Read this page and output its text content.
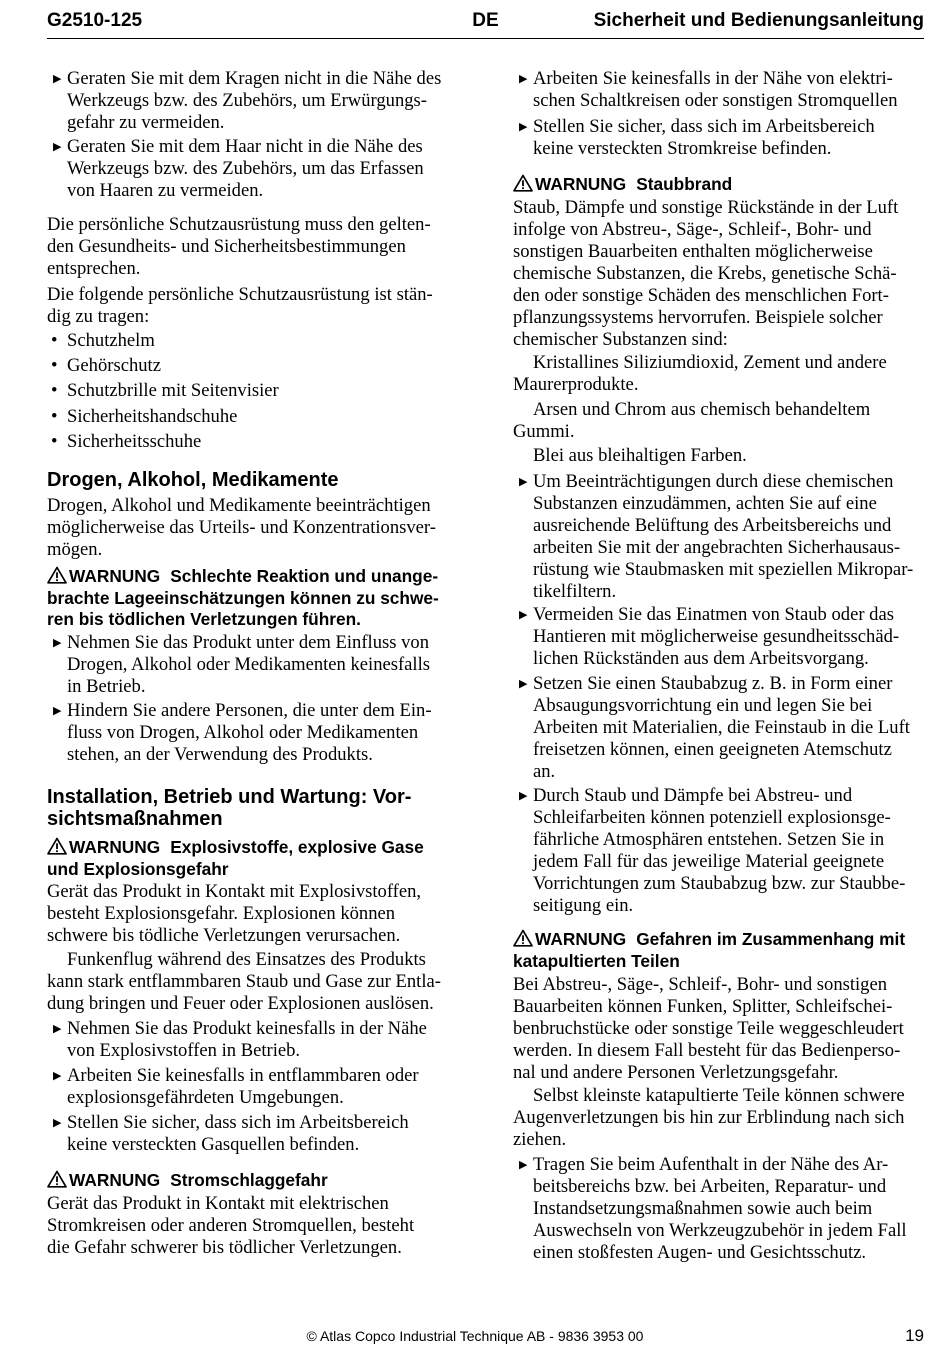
G2510-125	DE	Sicherheit und Bedienungsanleitung
▶ Geraten Sie mit dem Kragen nicht in die Nähe des
Werkzeugs bzw. des Zubehörs, um Erwürgungs-
gefahr zu vermeiden.
▶ Geraten Sie mit dem Haar nicht in die Nähe des
Werkzeugs bzw. des Zubehörs, um das Erfassen
von Haaren zu vermeiden.
Die persönliche Schutzausrüstung muss den gelten-
den Gesundheits- und Sicherheitsbestimmungen
entsprechen.
Die folgende persönliche Schutzausrüstung ist stän-
dig zu tragen:
• Schutzhelm
• Gehörschutz
• Schutzbrille mit Seitenvisier
• Sicherheitshandschuhe
• Sicherheitsschuhe
Drogen, Alkohol, Medikamente
Drogen, Alkohol und Medikamente beeinträchtigen
möglicherweise das Urteils- und Konzentrationsver-
mögen.
WARNUNG Schlechte Reaktion und unange-
brachte Lageeinschätzungen können zu schwe-
ren bis tödlichen Verletzungen führen.
▶ Nehmen Sie das Produkt unter dem Einfluss von
Drogen, Alkohol oder Medikamenten keinesfalls
in Betrieb.
▶ Hindern Sie andere Personen, die unter dem Ein-
fluss von Drogen, Alkohol oder Medikamenten
stehen, an der Verwendung des Produkts.
Installation, Betrieb und Wartung: Vor-
sichtsmaßnahmen
WARNUNG Explosivstoffe, explosive Gase
und Explosionsgefahr
Gerät das Produkt in Kontakt mit Explosivstoffen,
besteht Explosionsgefahr. Explosionen können
schwere bis tödliche Verletzungen verursachen.
Funkenflug während des Einsatzes des Produkts
kann stark entflammbaren Staub und Gase zur Entla-
dung bringen und Feuer oder Explosionen auslösen.
▶ Nehmen Sie das Produkt keinesfalls in der Nähe
von Explosivstoffen in Betrieb.
▶ Arbeiten Sie keinesfalls in entflammbaren oder
explosionsgefährdeten Umgebungen.
▶ Stellen Sie sicher, dass sich im Arbeitsbereich
keine versteckten Gasquellen befinden.
WARNUNG Stromschlaggefahr
Gerät das Produkt in Kontakt mit elektrischen
Stromkreisen oder anderen Stromquellen, besteht
die Gefahr schwerer bis tödlicher Verletzungen.
▶ Arbeiten Sie keinesfalls in der Nähe von elektri-
schen Schaltkreisen oder sonstigen Stromquellen
▶ Stellen Sie sicher, dass sich im Arbeitsbereich
keine versteckten Stromkreise befinden.
WARNUNG Staubbrand
Staub, Dämpfe und sonstige Rückstände in der Luft
infolge von Abstreu-, Säge-, Schleif-, Bohr- und
sonstigen Bauarbeiten enthalten möglicherweise
chemische Substanzen, die Krebs, genetische Schä-
den oder sonstige Schäden des menschlichen Fort-
pflanzungssystems hervorrufen. Beispiele solcher
chemischer Substanzen sind:
Kristallines Siliziumdioxid, Zement und andere
Maurerprodukte.
Arsen und Chrom aus chemisch behandeltem
Gummi.
Blei aus bleihaltigen Farben.
▶ Um Beeinträchtigungen durch diese chemischen
Substanzen einzudämmen, achten Sie auf eine
ausreichende Belüftung des Arbeitsbereichs und
arbeiten Sie mit der angebrachten Sicherhausaus-
rüstung wie Staubmasken mit speziellen Mikropar-
tikelfiltern.
▶ Vermeiden Sie das Einatmen von Staub oder das
Hantieren mit möglicherweise gesundheitsschäd-
lichen Rückständen aus dem Arbeitsvorgang.
▶ Setzen Sie einen Staubabzug z. B. in Form einer
Absaugungsvorrichtung ein und legen Sie bei
Arbeiten mit Materialien, die Feinstaub in die Luft
freisetzen können, einen geeigneten Atemschutz
an.
▶ Durch Staub und Dämpfe bei Abstreu- und
Schleifarbeiten können potenziell explosionsge-
fährliche Atmosphären entstehen. Setzen Sie in
jedem Fall für das jeweilige Material geeignete
Vorrichtungen zum Staubabzug bzw. zur Staubbe-
seitigung ein.
WARNUNG Gefahren im Zusammenhang mit
katapultierten Teilen
Bei Abstreu-, Säge-, Schleif-, Bohr- und sonstigen
Bauarbeiten können Funken, Splitter, Schleifschei-
benbruchstücke oder sonstige Teile weggeschleudert
werden. In diesem Fall besteht für das Bedienperso-
nal und andere Personen Verletzungsgefahr.
Selbst kleinste katapultierte Teile können schwere
Augenverletzungen bis hin zur Erblindung nach sich
ziehen.
▶ Tragen Sie beim Aufenthalt in der Nähe des Ar-
beitsbereichs bzw. bei Arbeiten, Reparatur- und
Instandsetzungsmaßnahmen sowie auch beim
Auswechseln von Werkzeugzubehör in jedem Fall
einen stoßfesten Augen- und Gesichtsschutz.
© Atlas Copco Industrial Technique AB - 9836 3953 00	19
